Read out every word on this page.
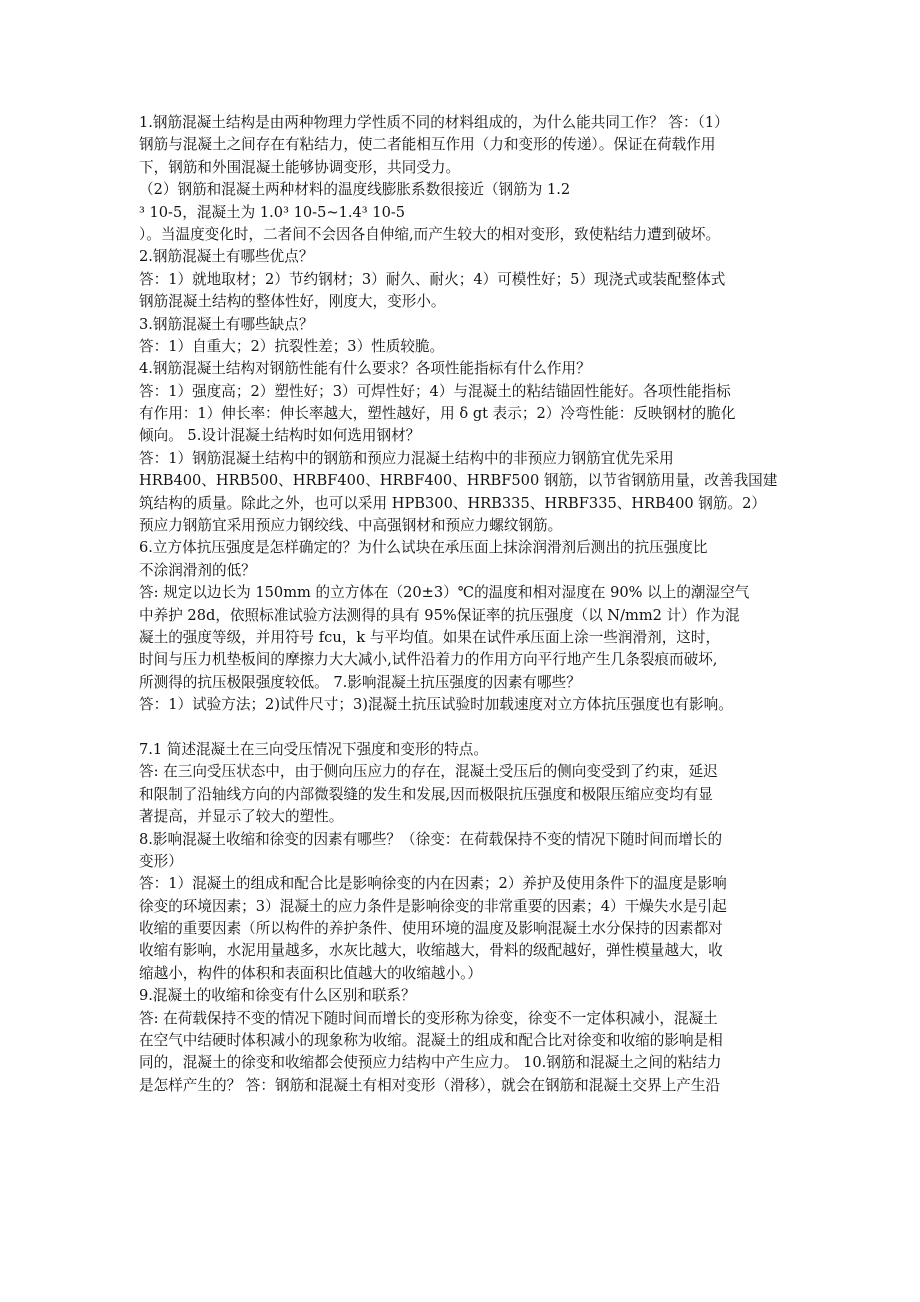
1.钢筋混凝土结构是由两种物理力学性质不同的材料组成的，为什么能共同工作？ 答：（1）
钢筋与混凝土之间存在有粘结力，使二者能相互作用（力和变形的传递）。保证在荷载作用
下，钢筋和外围混凝土能够协调变形，共同受力。
（2）钢筋和混凝土两种材料的温度线膨胀系数很接近（钢筋为 1.2
³ 10-5，混凝土为 1.0³ 10-5~1.4³ 10-5
）。当温度变化时，二者间不会因各自伸缩,而产生较大的相对变形，致使粘结力遭到破坏。
2.钢筋混凝土有哪些优点？
答：1）就地取材；2）节约钢材；3）耐久、耐火；4）可模性好；5）现浇式或装配整体式
钢筋混凝土结构的整体性好，刚度大，变形小。
3.钢筋混凝土有哪些缺点？
答：1）自重大；2）抗裂性差；3）性质较脆。
4.钢筋混凝土结构对钢筋性能有什么要求？各项性能指标有什么作用？
答：1）强度高；2）塑性好；3）可焊性好；4）与混凝土的粘结锚固性能好。各项性能指标
有作用：1）伸长率：伸长率越大，塑性越好，用 δ gt 表示；2）冷弯性能：反映钢材的脆化
倾向。 5.设计混凝土结构时如何选用钢材？
答：1）钢筋混凝土结构中的钢筋和预应力混凝土结构中的非预应力钢筋宜优先采用
HRB400、HRB500、HRBF400、HRBF400、HRBF500 钢筋，以节省钢筋用量，改善我国建
筑结构的质量。除此之外，也可以采用 HPB300、HRB335、HRBF335、HRB400 钢筋。2）
预应力钢筋宜采用预应力钢绞线、中高强钢材和预应力螺纹钢筋。
6.立方体抗压强度是怎样确定的？为什么试块在承压面上抹涂润滑剂后测出的抗压强度比
不涂润滑剂的低？
答: 规定以边长为 150mm 的立方体在（20±3）℃的温度和相对湿度在 90% 以上的潮湿空气
中养护 28d，依照标准试验方法测得的具有 95%保证率的抗压强度（以 N/mm2 计）作为混
凝土的强度等级，并用符号 fcu，k 与平均值。如果在试件承压面上涂一些润滑剂，这时，
时间与压力机垫板间的摩擦力大大减小,试件沿着力的作用方向平行地产生几条裂痕而破坏,
所测得的抗压极限强度较低。 7.影响混凝土抗压强度的因素有哪些？
答：1）试验方法；2)试件尺寸；3)混凝土抗压试验时加载速度对立方体抗压强度也有影响。
7.1 简述混凝土在三向受压情况下强度和变形的特点。
答: 在三向受压状态中，由于侧向压应力的存在，混凝土受压后的侧向变受到了约束，延迟
和限制了沿轴线方向的内部微裂缝的发生和发展,因而极限抗压强度和极限压缩应变均有显
著提高，并显示了较大的塑性。
8.影响混凝土收缩和徐变的因素有哪些？（徐变：在荷载保持不变的情况下随时间而增长的
变形）
答：1）混凝土的组成和配合比是影响徐变的内在因素；2）养护及使用条件下的温度是影响
徐变的环境因素；3）混凝土的应力条件是影响徐变的非常重要的因素；4）干燥失水是引起
收缩的重要因素（所以构件的养护条件、使用环境的温度及影响混凝土水分保持的因素都对
收缩有影响，水泥用量越多，水灰比越大，收缩越大，骨料的级配越好，弹性模量越大，收
缩越小，构件的体积和表面积比值越大的收缩越小。）
9.混凝土的收缩和徐变有什么区别和联系？
答: 在荷载保持不变的情况下随时间而增长的变形称为徐变，徐变不一定体积减小，混凝土
在空气中结硬时体积减小的现象称为收缩。混凝土的组成和配合比对徐变和收缩的影响是相
同的，混凝土的徐变和收缩都会使预应力结构中产生应力。 10.钢筋和混凝土之间的粘结力
是怎样产生的？ 答：钢筋和混凝土有相对变形（滑移），就会在钢筋和混凝土交界上产生沿
